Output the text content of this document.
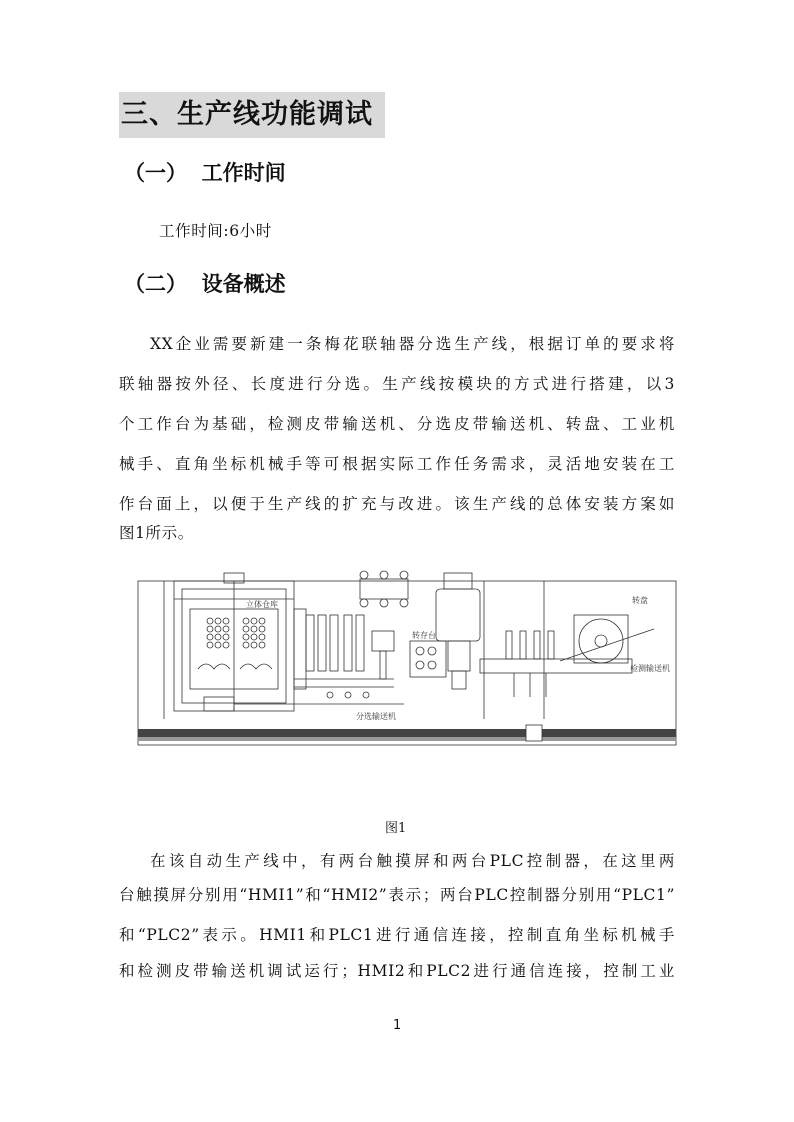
三、生产线功能调试
（一）  工作时间
工作时间:6小时
（二）  设备概述
XX企业需要新建一条梅花联轴器分选生产线，根据订单的要求将
联轴器按外径、长度进行分选。生产线按模块的方式进行搭建，以3
个工作台为基础，检测皮带输送机、分选皮带输送机、转盘、工业机
械手、直角坐标机械手等可根据实际工作任务需求，灵活地安装在工
作台面上，以便于生产线的扩充与改进。该生产线的总体安装方案如
图1所示。
立体仓库	转盘
转存台
分选输送机
检测输送机
图1
在该自动生产线中，有两台触摸屏和两台PLC控制器，在这里两
台触摸屏分别用“HMI1”和“HMI2”表示；两台PLC控制器分别用“PLC1”
和“PLC2”表示。HMI1和PLC1进行通信连接，控制直角坐标机械手
和检测皮带输送机调试运行；HMI2和PLC2进行通信连接，控制工业
1
